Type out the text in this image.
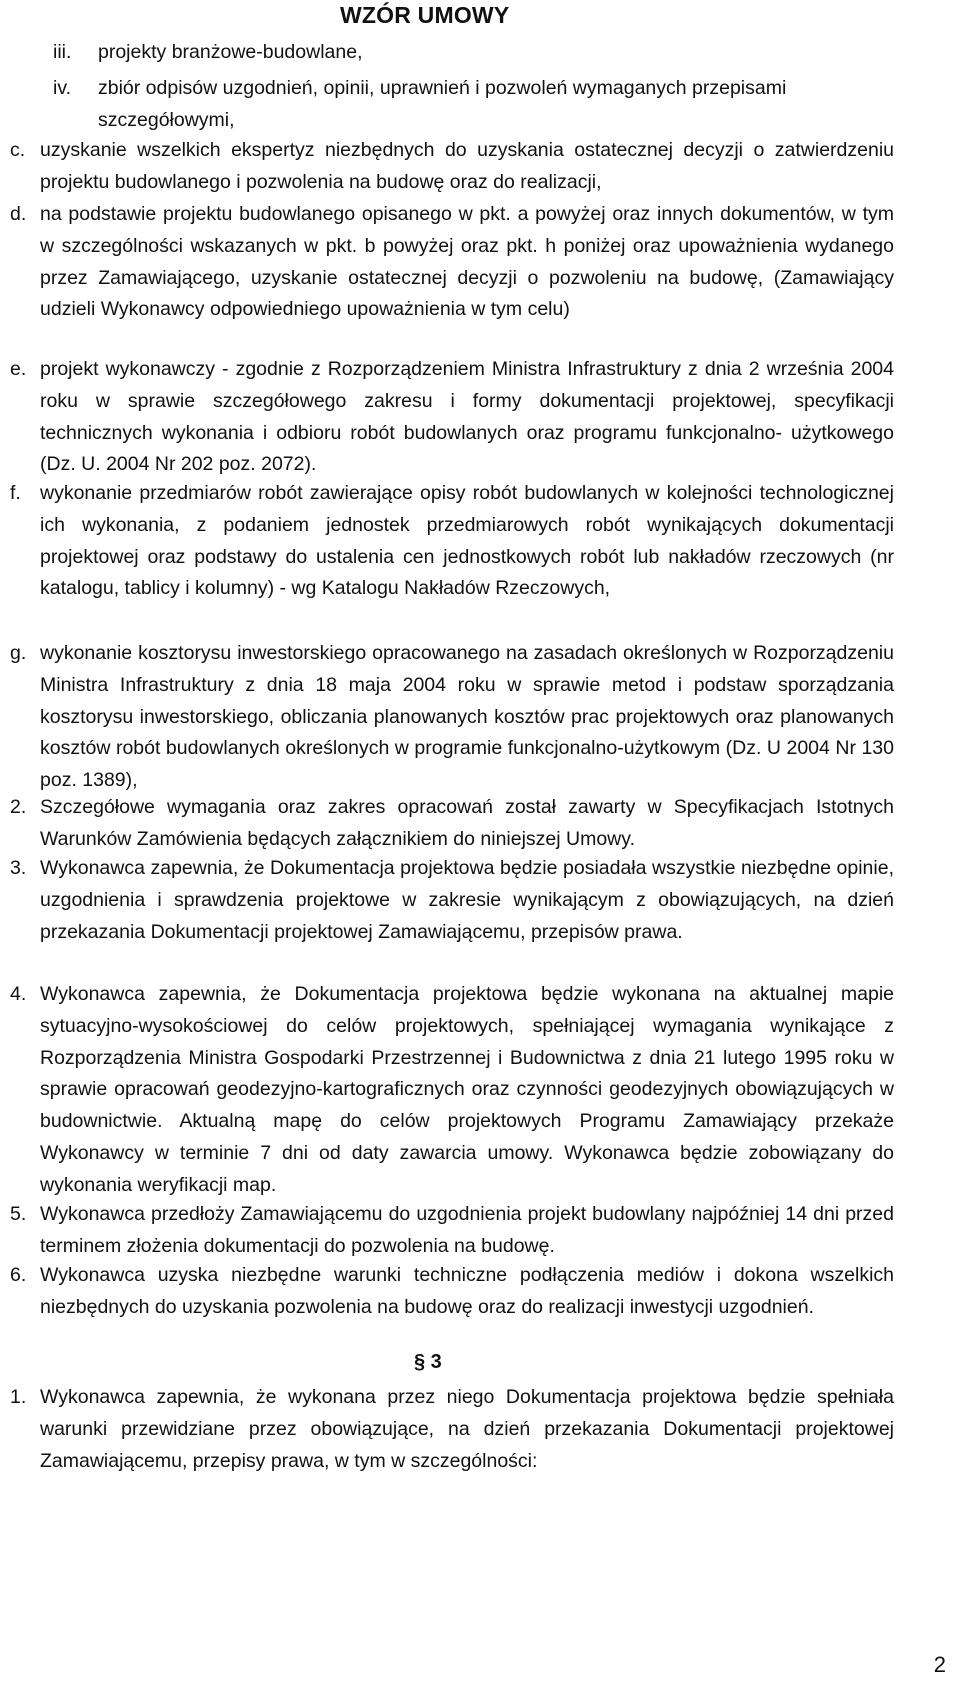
WZÓR UMOWY
iii. projekty branżowe-budowlane,
iv. zbiór odpisów uzgodnień, opinii, uprawnień i pozwoleń wymaganych przepisami szczegółowymi,
c. uzyskanie wszelkich ekspertyz niezbędnych do uzyskania ostatecznej decyzji o zatwierdzeniu projektu budowlanego i pozwolenia na budowę oraz do realizacji,
d. na podstawie projektu budowlanego opisanego w pkt. a powyżej oraz innych dokumentów, w tym w szczególności wskazanych w pkt. b powyżej oraz pkt. h poniżej oraz upoważnienia wydanego przez Zamawiającego, uzyskanie ostatecznej decyzji o pozwoleniu na budowę, (Zamawiający udzieli Wykonawcy odpowiedniego upoważnienia w tym celu)
e. projekt wykonawczy - zgodnie z Rozporządzeniem Ministra Infrastruktury z dnia 2 września 2004 roku w sprawie szczegółowego zakresu i formy dokumentacji projektowej, specyfikacji technicznych wykonania i odbioru robót budowlanych oraz programu funkcjonalno- użytkowego (Dz. U. 2004 Nr 202 poz. 2072).
f. wykonanie przedmiarów robót zawierające opisy robót budowlanych w kolejności technologicznej ich wykonania, z podaniem jednostek przedmiarowych robót wynikających dokumentacji projektowej oraz podstawy do ustalenia cen jednostkowych robót lub nakładów rzeczowych (nr katalogu, tablicy i kolumny) - wg Katalogu Nakładów Rzeczowych,
g. wykonanie kosztorysu inwestorskiego opracowanego na zasadach określonych w Rozporządzeniu Ministra Infrastruktury z dnia 18 maja 2004 roku w sprawie metod i podstaw sporządzania kosztorysu inwestorskiego, obliczania planowanych kosztów prac projektowych oraz planowanych kosztów robót budowlanych określonych w programie funkcjonalno-użytkowym (Dz. U 2004 Nr 130 poz. 1389),
2. Szczegółowe wymagania oraz zakres opracowań został zawarty w Specyfikacjach Istotnych Warunków Zamówienia będących załącznikiem do niniejszej Umowy.
3. Wykonawca zapewnia, że Dokumentacja projektowa będzie posiadała wszystkie niezbędne opinie, uzgodnienia i sprawdzenia projektowe w zakresie wynikającym z obowiązujących, na dzień przekazania Dokumentacji projektowej Zamawiającemu, przepisów prawa.
4. Wykonawca zapewnia, że Dokumentacja projektowa będzie wykonana na aktualnej mapie sytuacyjno-wysokościowej do celów projektowych, spełniającej wymagania wynikające z Rozporządzenia Ministra Gospodarki Przestrzennej i Budownictwa z dnia 21 lutego 1995 roku w sprawie opracowań geodezyjno-kartograficznych oraz czynności geodezyjnych obowiązujących w budownictwie. Aktualną mapę do celów projektowych Programu Zamawiający przekaże Wykonawcy w terminie 7 dni od daty zawarcia umowy. Wykonawca będzie zobowiązany do wykonania weryfikacji map.
5. Wykonawca przedłoży Zamawiającemu do uzgodnienia projekt budowlany najpóźniej 14 dni przed terminem złożenia dokumentacji do pozwolenia na budowę.
6. Wykonawca uzyska niezbędne warunki techniczne podłączenia mediów i dokona wszelkich niezbędnych do uzyskania pozwolenia na budowę oraz do realizacji inwestycji uzgodnień.
§ 3
1. Wykonawca zapewnia, że wykonana przez niego Dokumentacja projektowa będzie spełniała warunki przewidziane przez obowiązujące, na dzień przekazania Dokumentacji projektowej Zamawiającemu, przepisy prawa, w tym w szczególności:
2
